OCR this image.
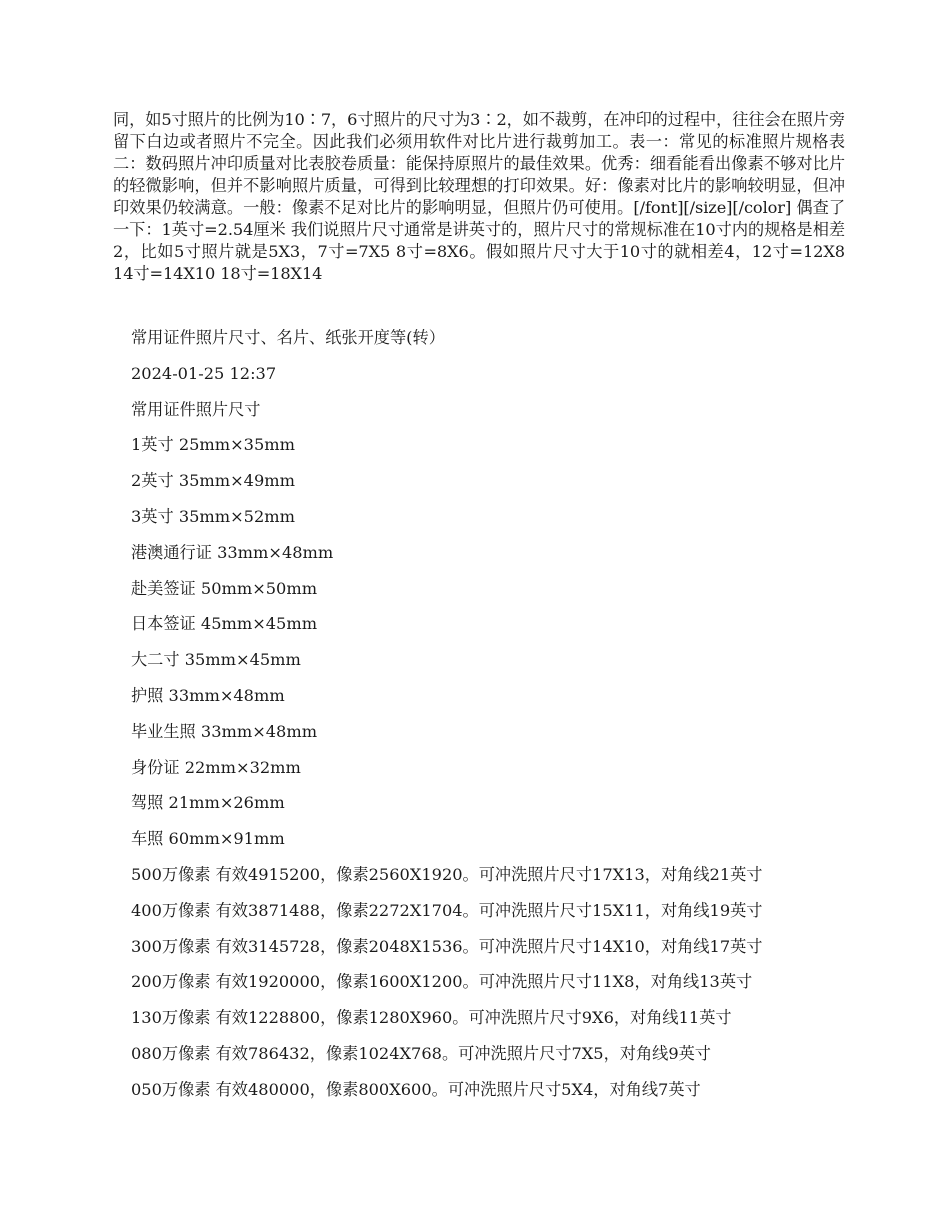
同，如5寸照片的比例为10∶7，6寸照片的尺寸为3∶2，如不裁剪，在冲印的过程中，往往会在照片旁留下白边或者照片不完全。因此我们必须用软件对比片进行裁剪加工。表一：常见的标准照片规格表二：数码照片冲印质量对比表胶卷质量：能保持原照片的最佳效果。优秀：细看能看出像素不够对比片的轻微影响，但并不影响照片质量，可得到比较理想的打印效果。好：像素对比片的影响较明显，但冲印效果仍较满意。一般：像素不足对比片的影响明显，但照片仍可使用。[/font][/size][/color] 偶查了一下：1英寸=2.54厘米 我们说照片尺寸通常是讲英寸的，照片尺寸的常规标准在10寸内的规格是相差2，比如5寸照片就是5X3，7寸=7X5 8寸=8X6。假如照片尺寸大于10寸的就相差4，12寸=12X8 14寸=14X10 18寸=18X14

常用证件照片尺寸、名片、纸张开度等(转）
2024-01-25 12:37
常用证件照片尺寸
1英寸 25mm×35mm
2英寸 35mm×49mm
3英寸 35mm×52mm
港澳通行证 33mm×48mm
赴美签证 50mm×50mm
日本签证 45mm×45mm
大二寸 35mm×45mm
护照 33mm×48mm
毕业生照 33mm×48mm
身份证 22mm×32mm
驾照 21mm×26mm
车照 60mm×91mm
500万像素 有效4915200，像素2560X1920。可冲洗照片尺寸17X13，对角线21英寸
400万像素 有效3871488，像素2272X1704。可冲洗照片尺寸15X11，对角线19英寸
300万像素 有效3145728，像素2048X1536。可冲洗照片尺寸14X10，对角线17英寸
200万像素 有效1920000，像素1600X1200。可冲洗照片尺寸11X8，对角线13英寸
130万像素 有效1228800，像素1280X960。可冲洗照片尺寸9X6，对角线11英寸
080万像素 有效786432，像素1024X768。可冲洗照片尺寸7X5，对角线9英寸
050万像素 有效480000，像素800X600。可冲洗照片尺寸5X4，对角线7英寸
